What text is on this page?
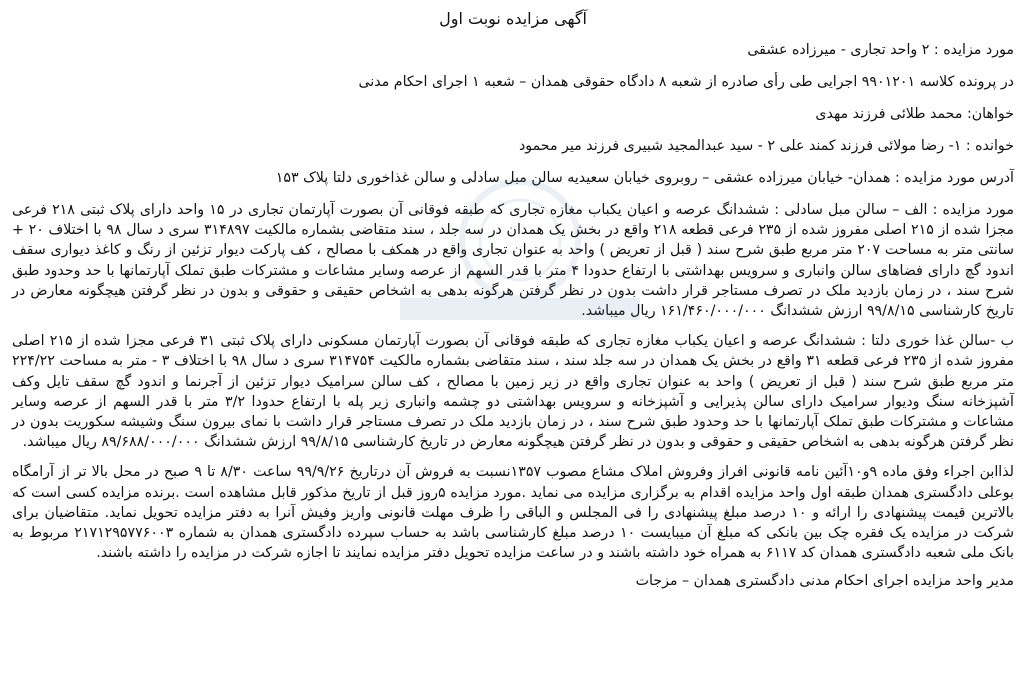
آگهی مزایده نوبت اول
مورد مزایده : ۲ واحد تجاری - میرزاده عشقی
در پرونده کلاسه ۹۹۰۱۲۰۱ اجرایی طی رأی صادره از شعبه ۸ دادگاه حقوقی همدان – شعبه ۱ اجرای احکام مدنی
خواهان: محمد طلائی فرزند مهدی
خوانده : ۱- رضا مولائی فرزند کمند علی ۲ - سید عبدالمجید شبیری فرزند میر محمود
آدرس مورد مزایده : همدان- خیابان میرزاده عشقی – روبروی خیابان سعیدیه سالن مبل سادلی و سالن غذاخوری دلتا پلاک ۱۵۳

مورد مزایده : الف – سالن مبل سادلی : ششدانگ عرصه و اعیان یکباب مغازه تجاری که طبقه فوقانی آن بصورت آپارتمان تجاری در ۱۵ واحد دارای پلاک ثبتی ۲۱۸ فرعی مجزا شده از ۲۱۵ اصلی مفروز شده از ۲۳۵ فرعی قطعه ۲۱۸ واقع در بخش یک همدان در سه جلد ، سند متقاضی بشماره مالکیت ۳۱۴۸۹۷ سری د سال ۹۸ با اختلاف ۲۰ + سانتی متر به مساحت ۲۰۷ متر مربع طبق شرح سند ( قبل از تعریض ) واحد به عنوان تجاری واقع در همکف با مصالح ، کف پارکت دیوار تزئین از رنگ و کاغذ دیواری سقف اندود گچ دارای فضاهای سالن وانباری و سرویس بهداشتی با ارتفاع حدودا ۴ متر با قدر السهم از عرصه وسایر مشاعات و مشترکات طبق تملک آپارتمانها با حد وحدود طبق شرح سند ، در زمان بازدید ملک در تصرف مستاجر قرار داشت بدون در نظر گرفتن هرگونه بدهی به اشخاص حقیقی و حقوقی و بدون در نظر گرفتن هیچگونه معارض در تاریخ کارشناسی ۹۹/۸/۱۵ ارزش ششدانگ ۱۶۱/۴۶۰/۰۰۰/۰۰۰ ریال میباشد.

ب -سالن غذا خوری دلتا : ششدانگ عرصه و اعیان یکباب مغازه تجاری که طبقه فوقانی آن بصورت آپارتمان مسکونی دارای پلاک ثبتی ۳۱ فرعی مجزا شده از ۲۱۵ اصلی مفروز شده از ۲۳۵ فرعی قطعه ۳۱ واقع در بخش یک همدان در سه جلد سند ، سند متقاضی بشماره مالکیت ۳۱۴۷۵۴ سری د سال ۹۸ با اختلاف ۳ - متر به مساحت ۲۲۴/۲۲ متر مربع طبق شرح سند ( قبل از تعریض ) واحد به عنوان تجاری واقع در زیر زمین با مصالح ، کف سالن سرامیک دیوار تزئین از آجرنما و اندود گچ سقف تایل وکف آشپزخانه سنگ ودیوار سرامیک دارای سالن پذیرایی و آشپزخانه و سرویس بهداشتی دو چشمه وانباری زیر پله با ارتفاع حدودا ۳/۲ متر با قدر السهم از عرصه وسایر مشاعات و مشترکات طبق تملک آپارتمانها با حد وحدود طبق شرح سند ، در زمان بازدید ملک در تصرف مستاجر قرار داشت با نمای بیرون سنگ وشیشه سکوریت بدون در نظر گرفتن هرگونه بدهی به اشخاص حقیقی و حقوقی و بدون در نظر گرفتن هیچگونه معارض در تاریخ کارشناسی ۹۹/۸/۱۵ ارزش ششدانگ ۸۹/۶۸۸/۰۰۰/۰۰۰ ریال میباشد.

لذاابن اجراء وفق ماده ۹و۱۰آئین نامه قانونی افراز وفروش املاک مشاع مصوب ۱۳۵۷نسبت به فروش آن درتاریخ ۹۹/۹/۲۶ ساعت ۸/۳۰ تا ۹ صبح در محل بالا تر از آرامگاه بوعلی دادگستری همدان طبقه اول واحد مزایده اقدام به برگزاری مزایده می نماید .مورد مزایده ۵روز قبل از تاریخ مذکور قابل مشاهده است .برنده مزایده کسی است که بالاترین قیمت پیشنهادی را ارائه و ۱۰ درصد مبلغ پیشنهادی را فی المجلس و الباقی را ظرف مهلت قانونی واریز وفیش آنرا به دفتر مزایده تحویل نماید. متقاضیان برای شرکت در مزایده یک فقره چک بین بانکی که مبلغ آن میبایست ۱۰ درصد مبلغ کارشناسی باشد به حساب سپرده دادگستری همدان به شماره ۲۱۷۱۲۹۵۷۷۶۰۰۳ مربوط به بانک ملی شعبه دادگستری همدان کد ۶۱۱۷ به همراه خود داشته باشند و در ساعت مزایده تحویل دفتر مزایده نمایند تا اجازه شرکت در مزایده را داشته باشند.

مدیر واحد مزایده اجرای احکام مدنی دادگستری همدان – مزجات
